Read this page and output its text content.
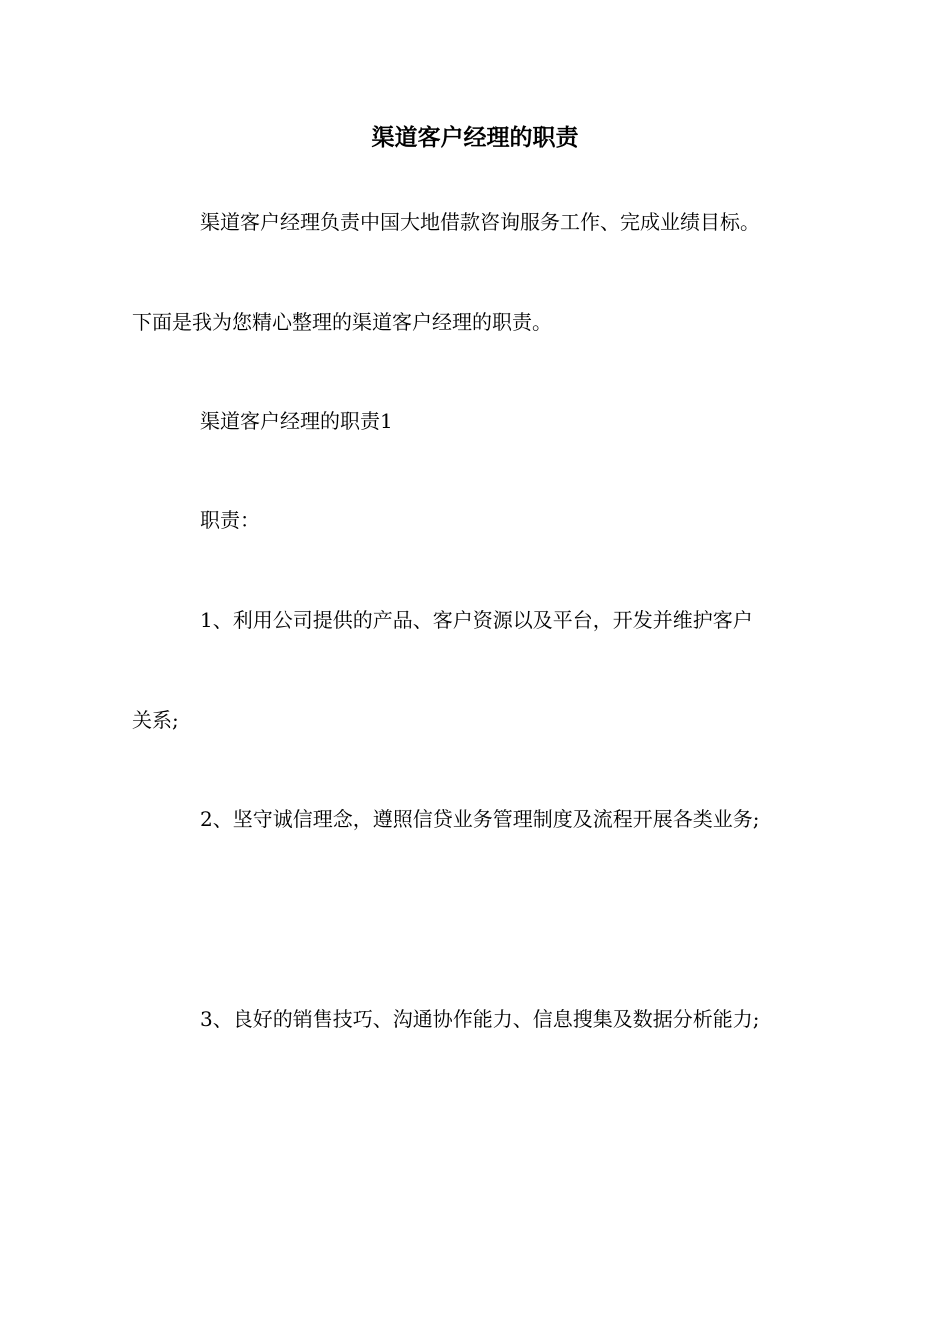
渠道客户经理的职责

渠道客户经理负责中国大地借款咨询服务工作、完成业绩目标。

下面是我为您精心整理的渠道客户经理的职责。

渠道客户经理的职责1

职责：

1、利用公司提供的产品、客户资源以及平台，开发并维护客户

关系;

2、坚守诚信理念，遵照信贷业务管理制度及流程开展各类业务;

3、良好的销售技巧、沟通协作能力、信息搜集及数据分析能力;
